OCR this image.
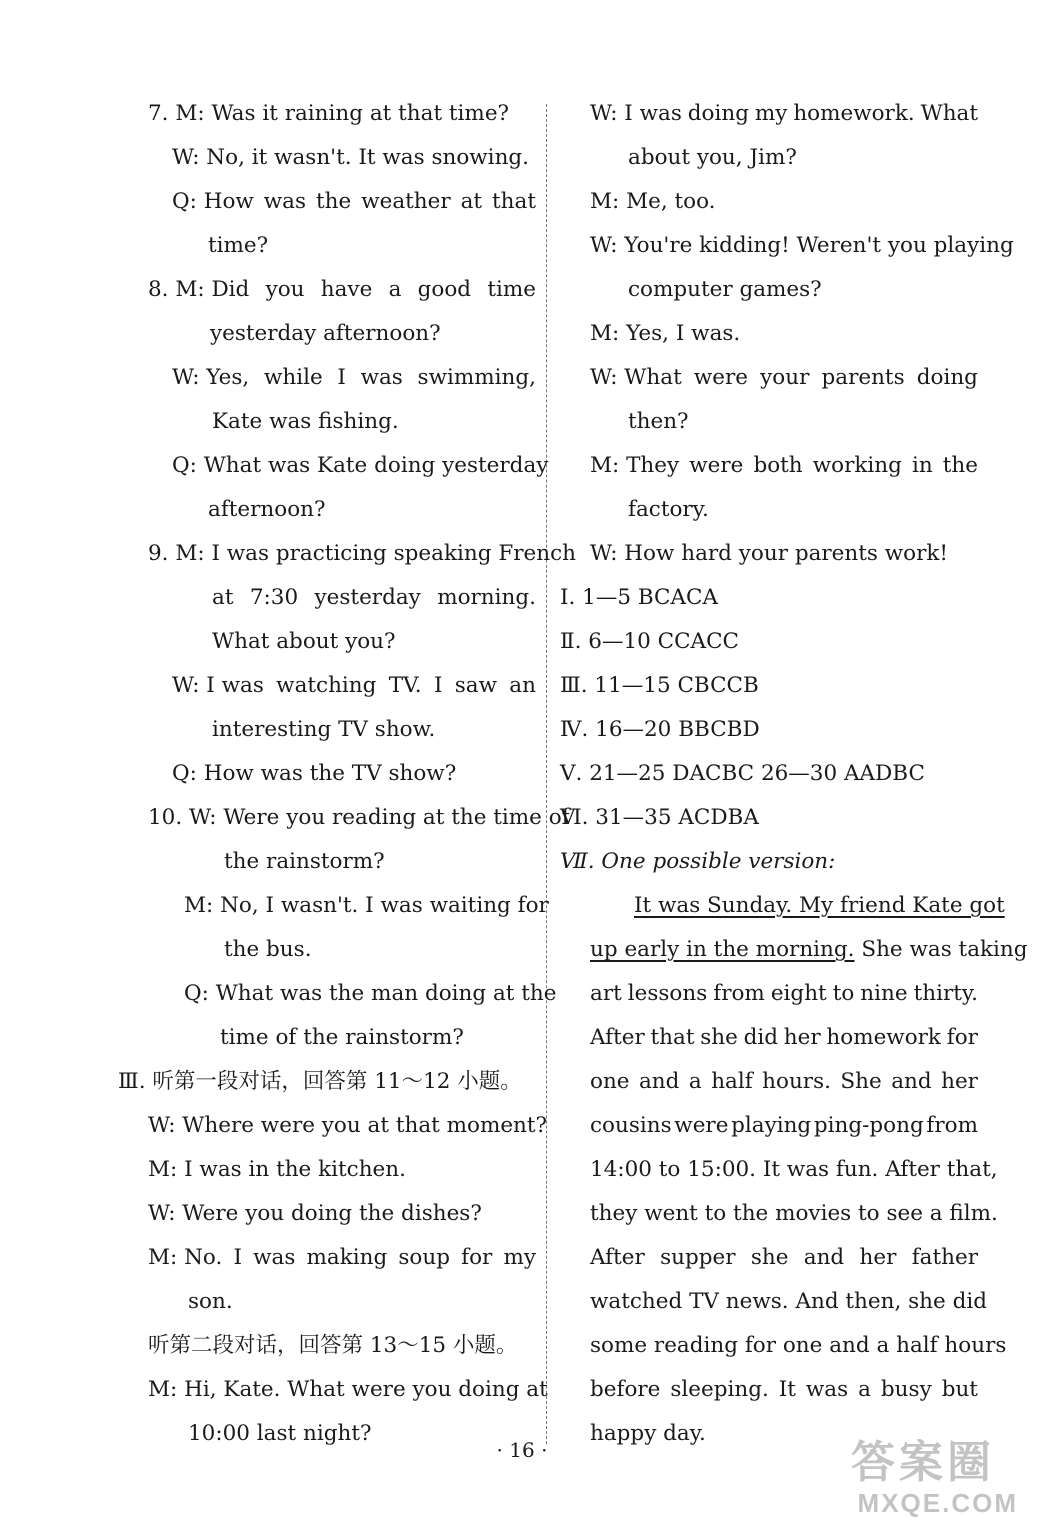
7. M: Was it raining at that time?
W: No, it wasn't. It was snowing.
Q: How was the weather at that
time?
8. M: Did you have a good time
yesterday afternoon?
W: Yes, while I was swimming,
Kate was fishing.
Q: What was Kate doing yesterday
afternoon?
9. M: I was practicing speaking French
at 7:30 yesterday morning.
What about you?
W: I was watching TV. I saw an
interesting TV show.
Q: How was the TV show?
10. W: Were you reading at the time of
the rainstorm?
M: No, I wasn't. I was waiting for
the bus.
Q: What was the man doing at the
time of the rainstorm?
Ⅲ. 听第一段对话，回答第 11～12 小题。
W: Where were you at that moment?
M: I was in the kitchen.
W: Were you doing the dishes?
M: No. I was making soup for my
son.
听第二段对话，回答第 13～15 小题。
M: Hi, Kate. What were you doing at
10:00 last night?
W: I was doing my homework. What
about you, Jim?
M: Me, too.
W: You're kidding! Weren't you playing
computer games?
M: Yes, I was.
W: What were your parents doing
then?
M: They were both working in the
factory.
W: How hard your parents work!
Ⅰ. 1—5 BCACA
Ⅱ. 6—10 CCACC
Ⅲ. 11—15 CBCCB
Ⅳ. 16—20 BBCBD
Ⅴ. 21—25 DACBC 26—30 AADBC
Ⅵ. 31—35 ACDBA
Ⅶ. One possible version:
It was Sunday. My friend Kate got
up early in the morning. She was taking
art lessons from eight to nine thirty.
After that she did her homework for
one and a half hours. She and her
cousins were playing ping-pong from
14:00 to 15:00. It was fun. After that,
they went to the movies to see a film.
After supper she and her father
watched TV news. And then, she did
some reading for one and a half hours
before sleeping. It was a busy but
happy day.
· 16 ·	答案圈
MXQE.COM
